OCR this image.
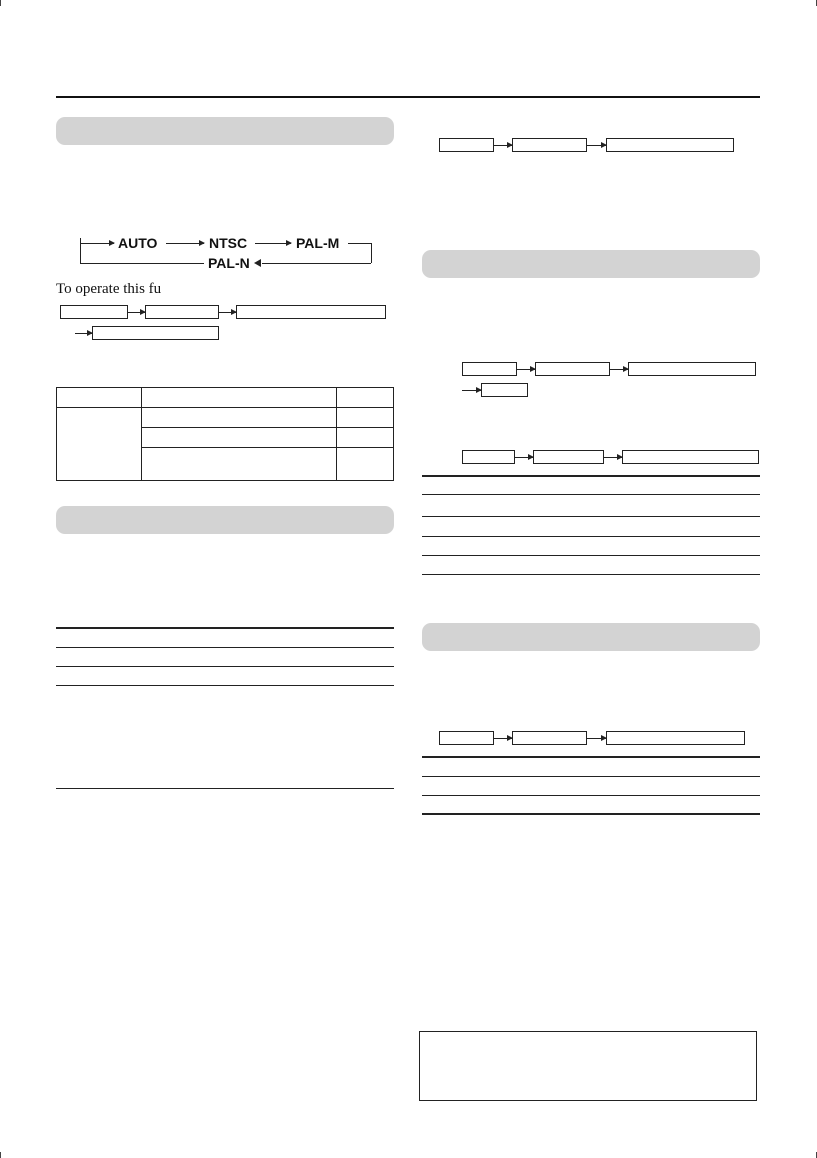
AUTO	NTSC	PAL-M
PAL-N
To operate this fu
